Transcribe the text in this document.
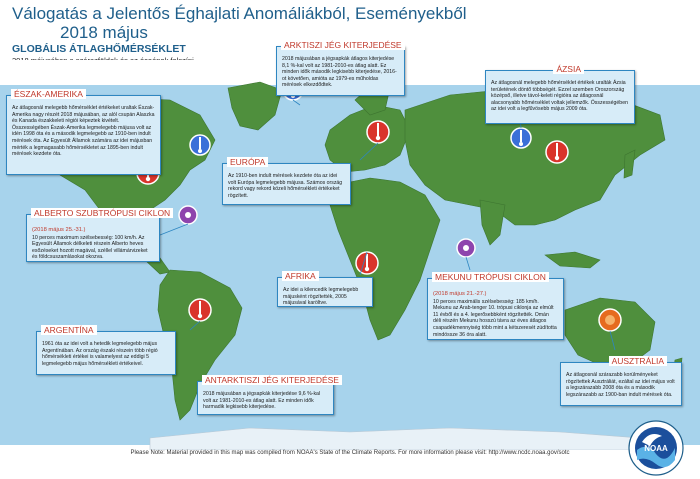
Válogatás a Jelentős Éghajlati Anomáliákból, Eseményekből
2018 május
GLOBÁLIS ÁTLAGHŐMÉRSÉKLET
ÉSZAK-AMERIKA
Az átlagosnál melegebb hőmérséklet értékeket uraltak Észak-Amerika nagy részét 2018 májusában, az alól csupán Alaszka és Kanada északkeleti régiói képeztek kivételt. Összességében Észak-Amerika legmelegebb májusa volt az idén 1998 óta és a második legmelegebb az 1910-ben indult mérések óta. Az Egyesült Államok számára az idei májusban mérték a legmagasabb hőmérsékletet az 1895-ben indult mérések kezdete óta.
ARKTISZI JÉG KITERJEDÉSE
2018 májusában a jégsapkák átlagos kiterjedése 8,1 %-kal volt az 1981-2010-es átlag alatt. Ez minden idők második legkisebb kiterjedése, 2016-ot követően, amióta az 1979-es műholdas mérések elkezdődtek.
ÁZSIA
Az átlagosnál melegebb hőmérséklet értékek uralták Ázsia területének döntő többségét. Ezzel szemben Oroszország középső, illetve távol-keleti régióira az átlagosnál alacsonyabb hőmérséklet voltak jellemzők. Összességében az idei volt a legfűvösebb május 2009 óta.
ALBERTO SZUBTRÓPUSI CIKLON
(2018 május 25.-31.)
10 perces maximum szélsebesség: 100 km/h. Az Egyesült Államok délkeleti részein Alberto heves esőzéseket hozott magával, széllel villámárvizeket és földcsuszamlásokat okozva.
EURÓPA
Az 1910-ben indult mérések kezdete óta az idei volt Európa legmelegebb májusa. Számos ország rekord vagy rekord közeli hőmérsékleti értékeket rögzített.
AFRIKA
Az idei a kilencedik legmelegebb májusként rögzítették, 2005 májusával karöltve.
MEKUNU TRÓPUSI CIKLON
(2018 május 21.-27.)
10 perces maximális szélsebesség: 185 km/h. Mekunu az Arab-tenger 10. trópusi ciklonja az elmúlt 11 évből és a 4. legerősebbként rögzítették. Omán déli részén Mekunu hosszú távra az éves átlagos csapadékmennyiség több mint a kétszeresét zúdította mindössze 36 óra alatt.
ARGENTÍNA
1961 óta az idei volt a hetedik legmelegebb május Argentínában. Az ország északi részein több régió hőmérsékleti értékei is valamelyest az eddigi 5 legmelegebb május hőmérsékleti értékeivel.
ANTARKTISZI JÉG KITERJEDÉSE
2018 májusában a jégsapkák kiterjedése 9,6 %-kal volt az 1981-2010-es átlag alatt. Ez minden idők harmadik legkisebb kiterjedése.
AUSZTRÁLIA
Az átlagosnál szárazabb korülményeket rögzítettek Ausztráliát, ezáltal az idei május volt a legszárazabb 2008 óta és a második legszárazabb az 1900-ban indult mérések óta.
NOAA
Please Note: Material provided in this map was compiled from NOAA's State of the Climate Reports. For more information please visit: http://www.ncdc.noaa.gov/sotc
